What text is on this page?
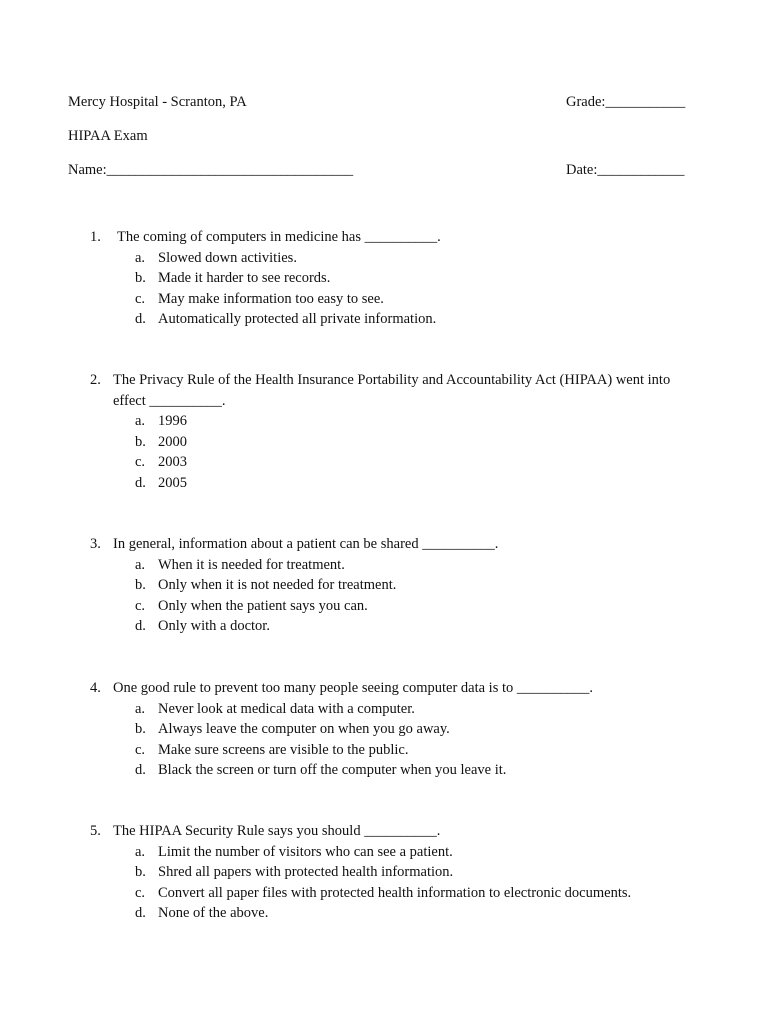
Mercy Hospital - Scranton, PA	Grade:___________
HIPAA Exam
Name:__________________________________	Date:____________
1. The coming of computers in medicine has __________.
a. Slowed down activities.
b. Made it harder to see records.
c. May make information too easy to see.
d. Automatically protected all private information.
2. The Privacy Rule of the Health Insurance Portability and Accountability Act (HIPAA) went into
effect __________.
a. 1996
b. 2000
c. 2003
d. 2005
3. In general, information about a patient can be shared __________.
a. When it is needed for treatment.
b. Only when it is not needed for treatment.
c. Only when the patient says you can.
d. Only with a doctor.
4. One good rule to prevent too many people seeing computer data is to __________.
a. Never look at medical data with a computer.
b. Always leave the computer on when you go away.
c. Make sure screens are visible to the public.
d. Black the screen or turn off the computer when you leave it.
5. The HIPAA Security Rule says you should __________.
a. Limit the number of visitors who can see a patient.
b. Shred all papers with protected health information.
c. Convert all paper files with protected health information to electronic documents.
d. None of the above.
